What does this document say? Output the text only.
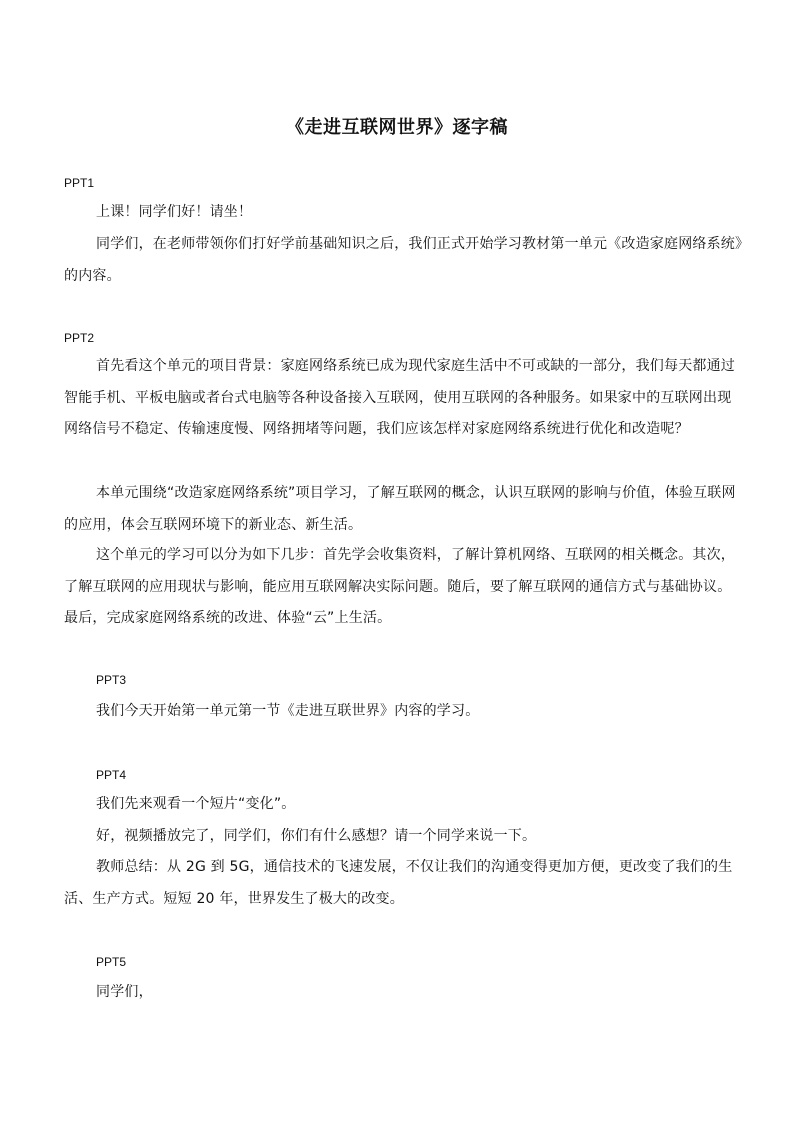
《走进互联网世界》逐字稿
PPT1
上课！同学们好！请坐！
同学们，在老师带领你们打好学前基础知识之后，我们正式开始学习教材第一单元《改造家庭网络系统》的内容。
PPT2
首先看这个单元的项目背景：家庭网络系统已成为现代家庭生活中不可或缺的一部分，我们每天都通过智能手机、平板电脑或者台式电脑等各种设备接入互联网，使用互联网的各种服务。如果家中的互联网出现网络信号不稳定、传输速度慢、网络拥堵等问题，我们应该怎样对家庭网络系统进行优化和改造呢？
本单元围绕“改造家庭网络系统”项目学习，了解互联网的概念，认识互联网的影响与价值，体验互联网的应用，体会互联网环境下的新业态、新生活。
这个单元的学习可以分为如下几步：首先学会收集资料，了解计算机网络、互联网的相关概念。其次，了解互联网的应用现状与影响，能应用互联网解决实际问题。随后，要了解互联网的通信方式与基础协议。最后，完成家庭网络系统的改进、体验“云”上生活。
PPT3
我们今天开始第一单元第一节《走进互联世界》内容的学习。
PPT4
我们先来观看一个短片“变化”。
好，视频播放完了，同学们，你们有什么感想？请一个同学来说一下。
教师总结：从 2G 到 5G，通信技术的飞速发展，不仅让我们的沟通变得更加方便，更改变了我们的生活、生产方式。短短 20 年，世界发生了极大的改变。
PPT5
同学们，
